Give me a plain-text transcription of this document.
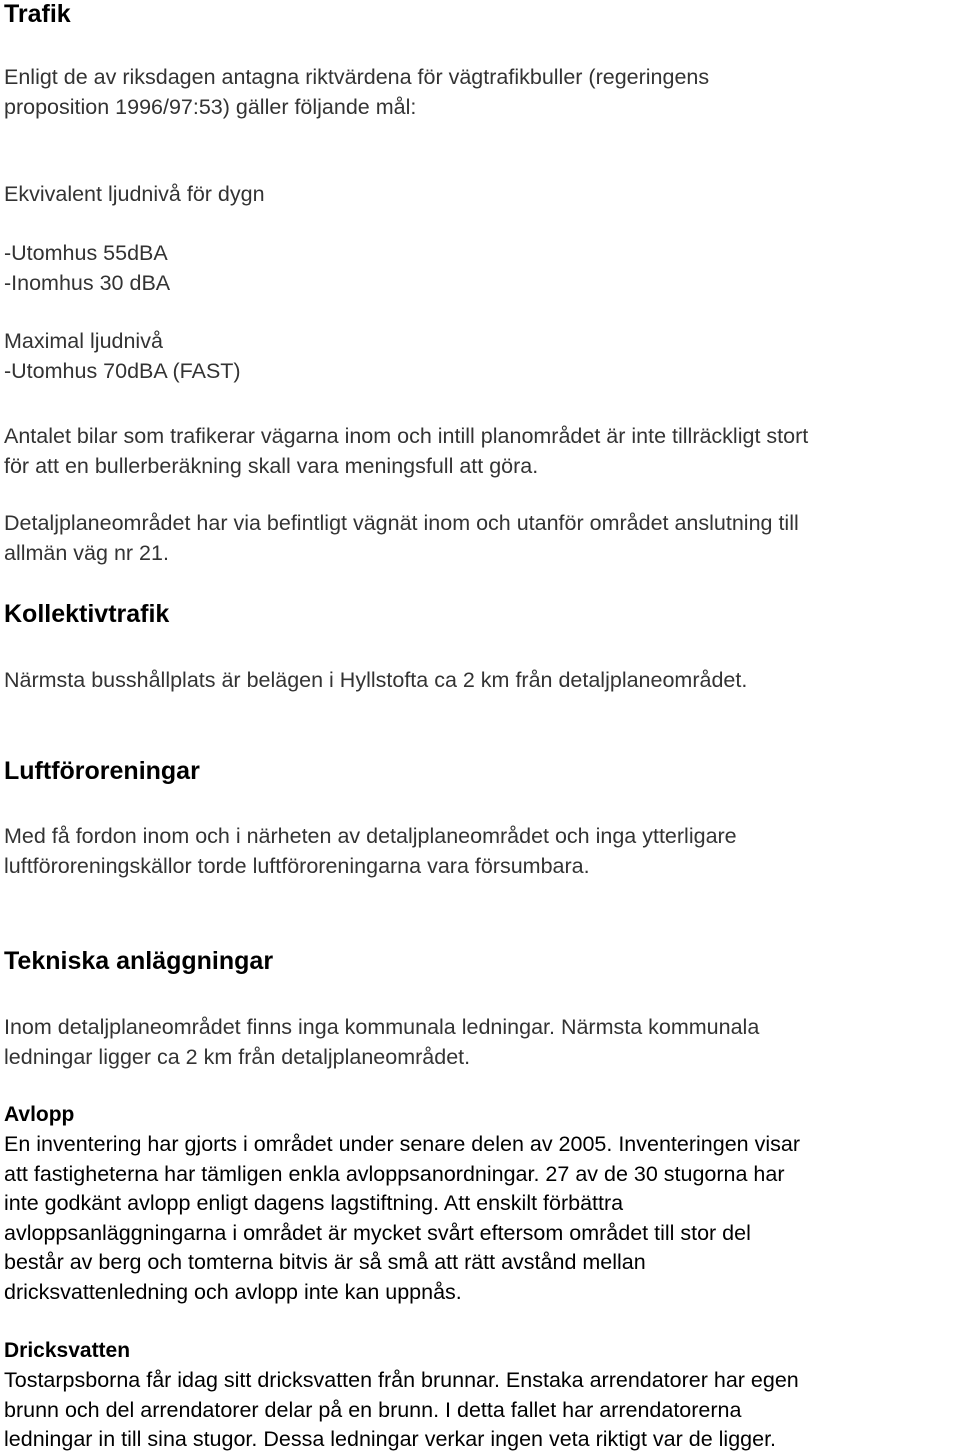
Trafik
Enligt de av riksdagen antagna riktvärdena för vägtrafikbuller (regeringens
proposition 1996/97:53) gäller följande mål:
Ekvivalent ljudnivå för dygn
-Utomhus 55dBA
-Inomhus 30 dBA
Maximal ljudnivå
-Utomhus 70dBA (FAST)
Antalet bilar som trafikerar vägarna inom och intill planområdet är inte tillräckligt stort
för att en bullerberäkning skall vara meningsfull att göra.
Detaljplaneområdet har via befintligt vägnät inom och utanför området anslutning till
allmän väg nr 21.
Kollektivtrafik
Närmsta busshållplats är belägen i Hyllstofta ca 2 km från detaljplaneområdet.
Luftföroreningar
Med få fordon inom och i närheten av detaljplaneområdet och inga ytterligare
luftföroreningskällor torde luftföroreningarna vara försumbara.
Tekniska anläggningar
Inom detaljplaneområdet finns inga kommunala ledningar. Närmsta kommunala
ledningar ligger ca 2 km från detaljplaneområdet.
Avlopp
En inventering har gjorts i området under senare delen av 2005. Inventeringen visar
att fastigheterna har tämligen enkla avloppsanordningar. 27 av de 30 stugorna har
inte godkänt avlopp enligt dagens lagstiftning. Att enskilt förbättra
avloppsanläggningarna i området är mycket svårt eftersom området till stor del
består av berg och tomterna bitvis är så små att rätt avstånd mellan
dricksvattenledning och avlopp inte kan uppnås.
Dricksvatten
Tostarpsborna får idag sitt dricksvatten från brunnar. Enstaka arrendatorer har egen
brunn och del arrendatorer delar på en brunn. I detta fallet har arrendatorerna
ledningar in till sina stugor. Dessa ledningar verkar ingen veta riktigt var de ligger.
